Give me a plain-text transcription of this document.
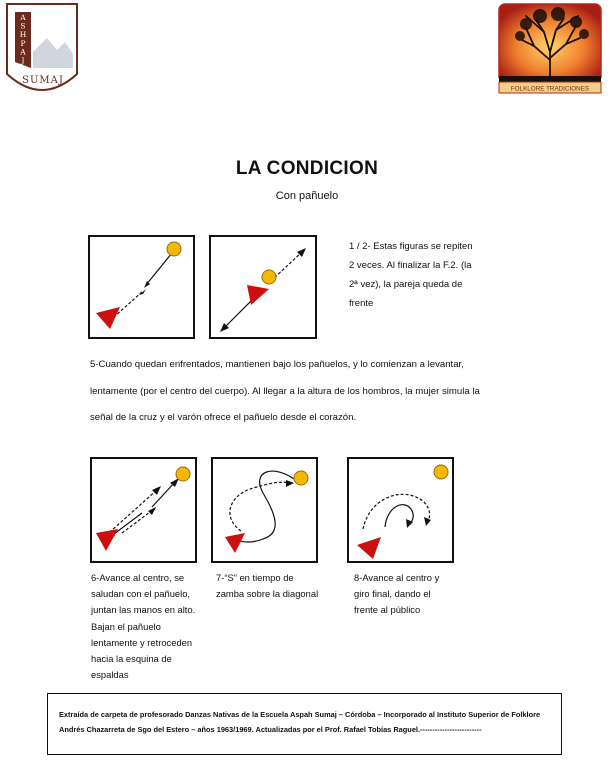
A S H P A J
SUMAJ
FOLKLORE TRADICIONES
LA CONDICION
Con pañuelo
1 / 2- Estas figuras se repiten 2 veces. Al finalizar la F.2. (la 2ª vez), la pareja queda de frente
5-Cuando quedan enfrentados, mantienen bajo los pañuelos, y lo comienzan a levantar, lentamente (por el centro del cuerpo). Al llegar a la altura de los hombros, la mujer simula la señal de la cruz y el varón ofrece el pañuelo desde el corazón.
6-Avance al centro, se saludan con el pañuelo, juntan las manos en alto. Bajan el pañuelo lentamente y retroceden hacia la esquina de espaldas
7-“S” en tiempo de zamba sobre la diagonal
8-Avance al centro y giro final, dando el frente al público
Extraída de carpeta de profesorado Danzas Nativas de la Escuela Aspah Sumaj – Córdoba – Incorporado al Instituto Superior de Folklore Andrés Chazarreta de Sgo del Estero – años 1963/1969. Actualizadas por el Prof. Rafael Tobías Raguel.-------------------------
